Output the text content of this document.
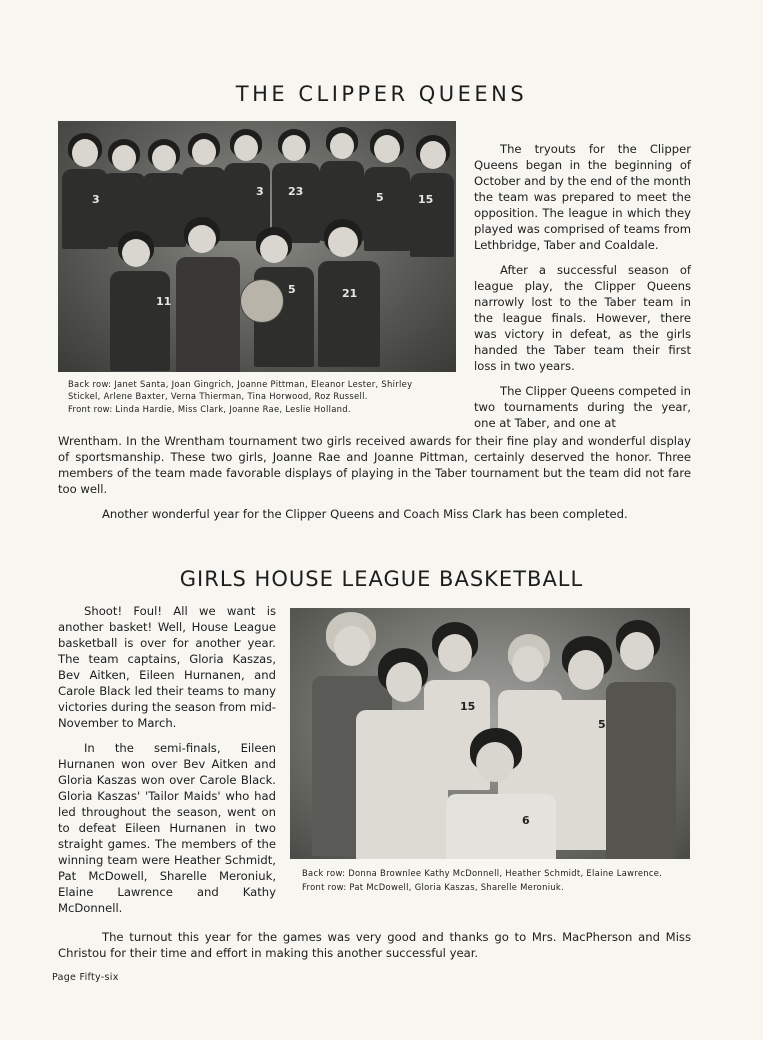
THE CLIPPER QUEENS
3
3 23	5	15
11
5	21

Back row: Janet Santa, Joan Gingrich, Joanne Pittman, Eleanor Lester, Shirley Stickel, Arlene Baxter, Verna Thierman, Tina Horwood, Roz Russell.

Front row: Linda Hardie, Miss Clark, Joanne Rae, Leslie Holland.

The tryouts for the Clipper Queens began in the beginning of October and by the end of the month the team was prepared to meet the opposition. The league in which they played was comprised of teams from Lethbridge, Taber and Coaldale.

After a successful season of league play, the Clipper Queens narrowly lost to the Taber team in the league finals. However, there was victory in defeat, as the girls handed the Taber team their first loss in two years.

The Clipper Queens competed in two tournaments during the year, one at Taber, and one at

Wrentham. In the Wrentham tournament two girls received awards for their fine play and wonderful display of sportsmanship. These two girls, Joanne Rae and Joanne Pittman, certainly deserved the honor. Three members of the team made favorable displays of playing in the Taber tournament but the team did not fare too well.

Another wonderful year for the Clipper Queens and Coach Miss Clark has been completed.

GIRLS HOUSE LEAGUE BASKETBALL

Shoot! Foul! All we want is another basket! Well, House League basketball is over for another year. The team captains, Gloria Kaszas, Bev Aitken, Eileen Hurnanen, and Carole Black led their teams to many victories during the season from mid-November to March.

In the semi-finals, Eileen Hurnanen won over Bev Aitken and Gloria Kaszas won over Carole Black. Gloria Kaszas' 'Tailor Maids' who had led throughout the season, went on to defeat Eileen Hurnanen in two straight games. The members of the winning team were Heather Schmidt, Pat McDowell, Sharelle Meroniuk, Elaine Lawrence and Kathy McDonnell.

15
5
6

Back row: Donna Brownlee Kathy McDonnell, Heather Schmidt, Elaine Lawrence.

Front row: Pat McDowell, Gloria Kaszas, Sharelle Meroniuk.

The turnout this year for the games was very good and thanks go to Mrs. MacPherson and Miss Christou for their time and effort in making this another successful year.

Page Fifty-six
